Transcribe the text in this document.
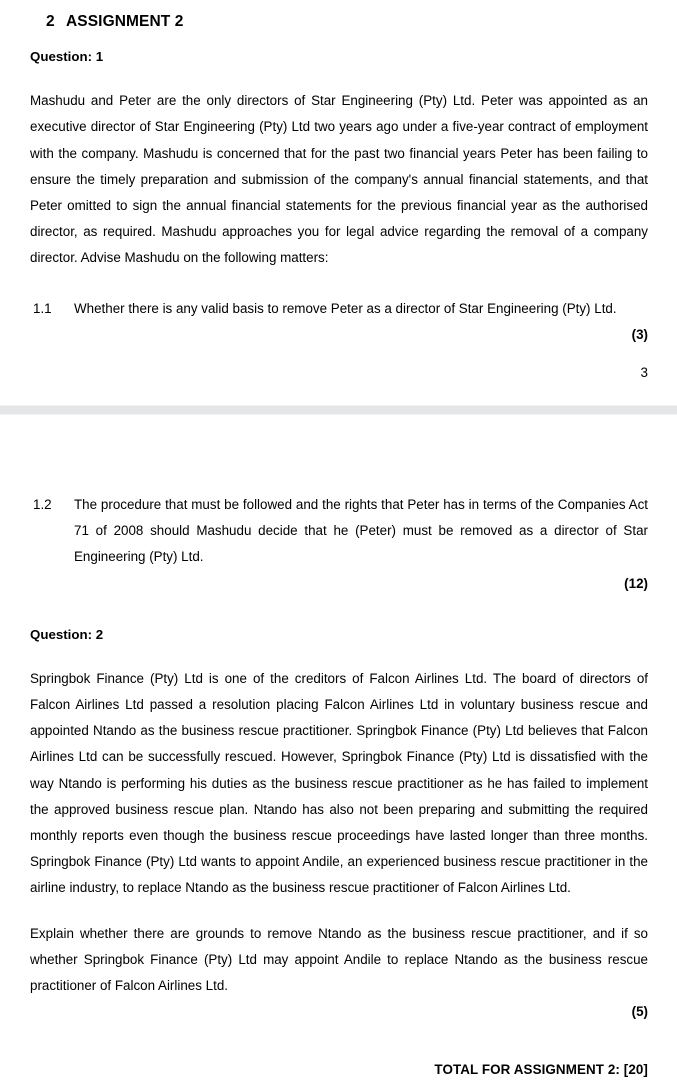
2 ASSIGNMENT 2
Question: 1

Mashudu and Peter are the only directors of Star Engineering (Pty) Ltd. Peter was appointed as an executive director of Star Engineering (Pty) Ltd two years ago under a five-year contract of employment with the company. Mashudu is concerned that for the past two financial years Peter has been failing to ensure the timely preparation and submission of the company's annual financial statements, and that Peter omitted to sign the annual financial statements for the previous financial year as the authorised director, as required. Mashudu approaches you for legal advice regarding the removal of a company director. Advise Mashudu on the following matters:

1.1	Whether there is any valid basis to remove Peter as a director of Star Engineering (Pty) Ltd.
(3)

3

1.2	The procedure that must be followed and the rights that Peter has in terms of the Companies Act 71 of 2008 should Mashudu decide that he (Peter) must be removed as a director of Star Engineering (Pty) Ltd.
(12)
Question: 2

Springbok Finance (Pty) Ltd is one of the creditors of Falcon Airlines Ltd. The board of directors of Falcon Airlines Ltd passed a resolution placing Falcon Airlines Ltd in voluntary business rescue and appointed Ntando as the business rescue practitioner. Springbok Finance (Pty) Ltd believes that Falcon Airlines Ltd can be successfully rescued. However, Springbok Finance (Pty) Ltd is dissatisfied with the way Ntando is performing his duties as the business rescue practitioner as he has failed to implement the approved business rescue plan. Ntando has also not been preparing and submitting the required monthly reports even though the business rescue proceedings have lasted longer than three months. Springbok Finance (Pty) Ltd wants to appoint Andile, an experienced business rescue practitioner in the airline industry, to replace Ntando as the business rescue practitioner of Falcon Airlines Ltd.

Explain whether there are grounds to remove Ntando as the business rescue practitioner, and if so whether Springbok Finance (Pty) Ltd may appoint Andile to replace Ntando as the business rescue practitioner of Falcon Airlines Ltd.
(5)

TOTAL FOR ASSIGNMENT 2: [20]
